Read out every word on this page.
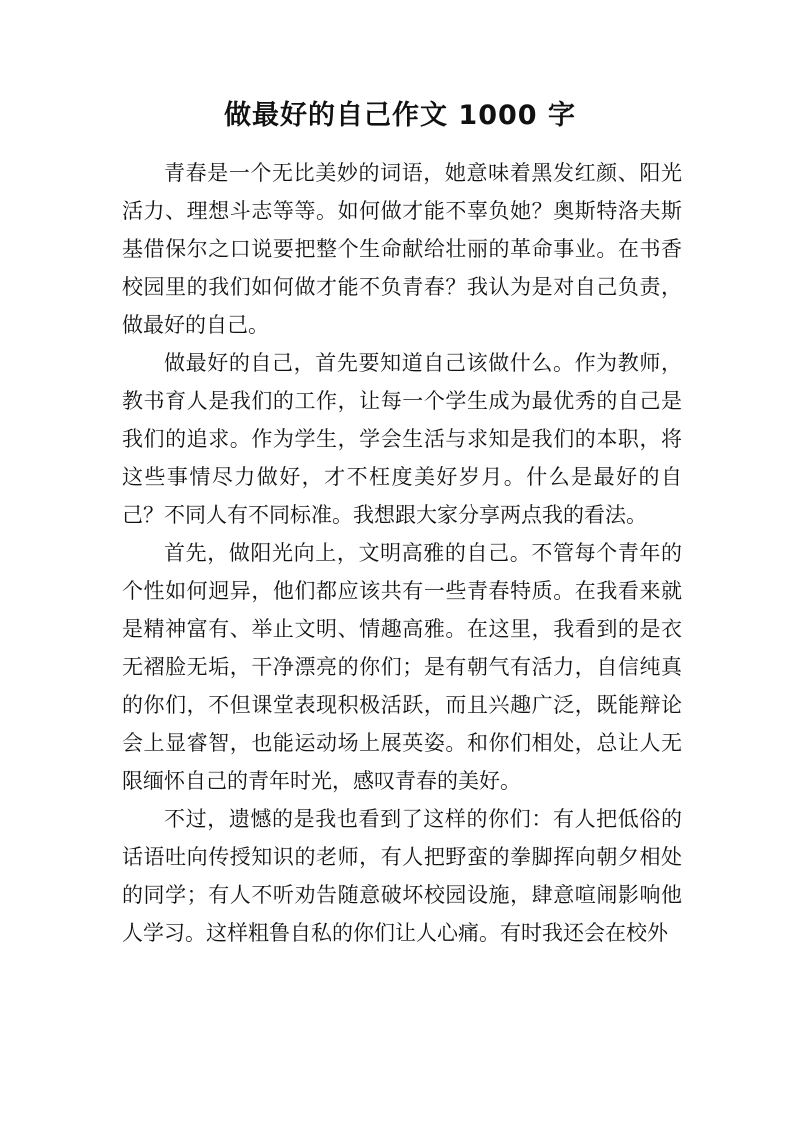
做最好的自己作文 1000 字

青春是一个无比美妙的词语，她意味着黑发红颜、阳光活力、理想斗志等等。如何做才能不辜负她？奥斯特洛夫斯基借保尔之口说要把整个生命献给壮丽的革命事业。在书香校园里的我们如何做才能不负青春？我认为是对自己负责，做最好的自己。

做最好的自己，首先要知道自己该做什么。作为教师，教书育人是我们的工作，让每一个学生成为最优秀的自己是我们的追求。作为学生，学会生活与求知是我们的本职，将这些事情尽力做好，才不枉度美好岁月。什么是最好的自己？不同人有不同标准。我想跟大家分享两点我的看法。

首先，做阳光向上，文明高雅的自己。不管每个青年的个性如何迥异，他们都应该共有一些青春特质。在我看来就是精神富有、举止文明、情趣高雅。在这里，我看到的是衣无褶脸无垢，干净漂亮的你们；是有朝气有活力，自信纯真的你们，不但课堂表现积极活跃，而且兴趣广泛，既能辩论会上显睿智，也能运动场上展英姿。和你们相处，总让人无限缅怀自己的青年时光，感叹青春的美好。

不过，遗憾的是我也看到了这样的你们：有人把低俗的话语吐向传授知识的老师，有人把野蛮的拳脚挥向朝夕相处的同学；有人不听劝告随意破坏校园设施，肆意喧闹影响他人学习。这样粗鲁自私的你们让人心痛。有时我还会在校外
